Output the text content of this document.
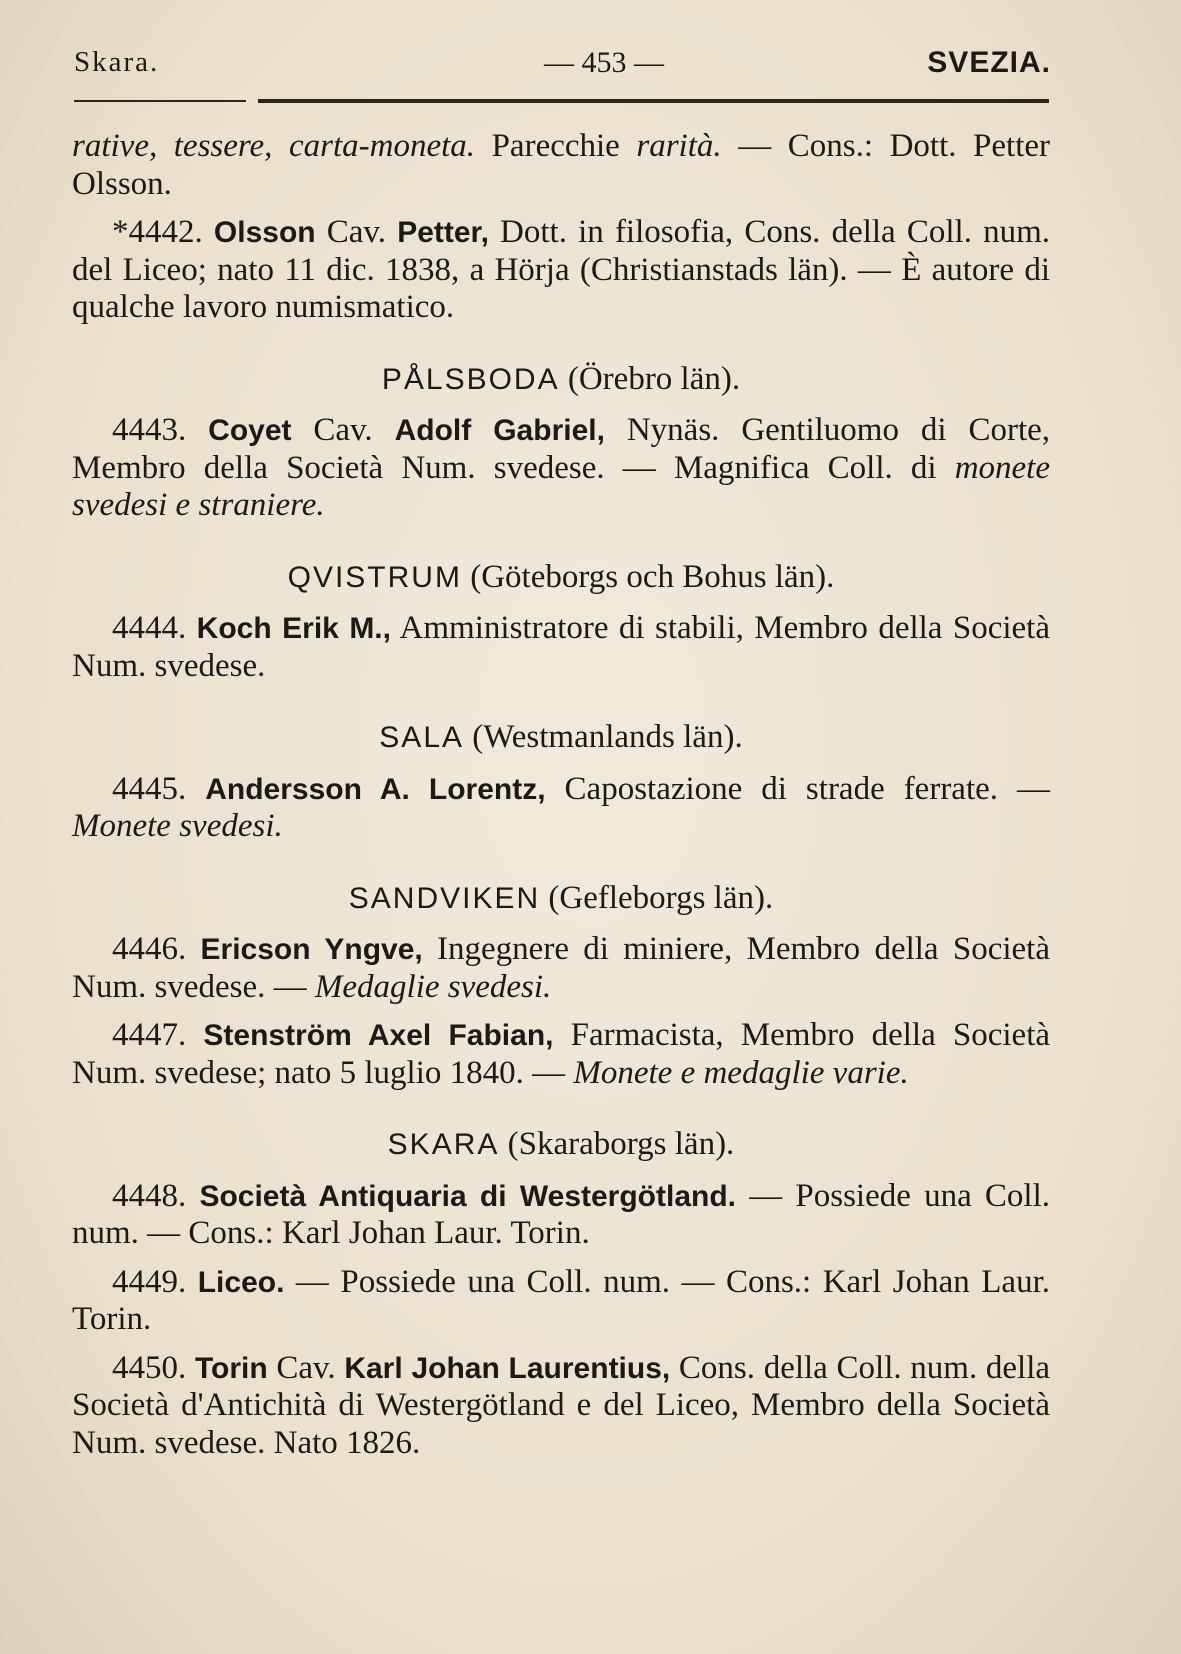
Skara.	— 453 —	SVEZIA.

rative, tessere, carta-moneta. Parecchie rarità. — Cons.: Dott. Petter Olsson.

*4442. Olsson Cav. Petter, Dott. in filosofia, Cons. della Coll. num. del Liceo; nato 11 dic. 1838, a Hörja (Christianstads län). — È autore di qualche lavoro numismatico.

PÅLSBODA (Örebro län).

4443. Coyet Cav. Adolf Gabriel, Nynäs. Gentiluomo di Corte, Membro della Società Num. svedese. — Magnifica Coll. di monete svedesi e straniere.

QVISTRUM (Göteborgs och Bohus län).

4444. Koch Erik M., Amministratore di stabili, Membro della Società Num. svedese.

SALA (Westmanlands län).

4445. Andersson A. Lorentz, Capostazione di strade ferrate. — Monete svedesi.

SANDVIKEN (Gefleborgs län).

4446. Ericson Yngve, Ingegnere di miniere, Membro della Società Num. svedese. — Medaglie svedesi.

4447. Stenström Axel Fabian, Farmacista, Membro della Società Num. svedese; nato 5 luglio 1840. — Monete e medaglie varie.

SKARA (Skaraborgs län).

4448. Società Antiquaria di Westergötland. — Possiede una Coll. num. — Cons.: Karl Johan Laur. Torin.

4449. Liceo. — Possiede una Coll. num. — Cons.: Karl Johan Laur. Torin.

4450. Torin Cav. Karl Johan Laurentius, Cons. della Coll. num. della Società d'Antichità di Westergötland e del Liceo, Membro della Società Num. svedese. Nato 1826.
